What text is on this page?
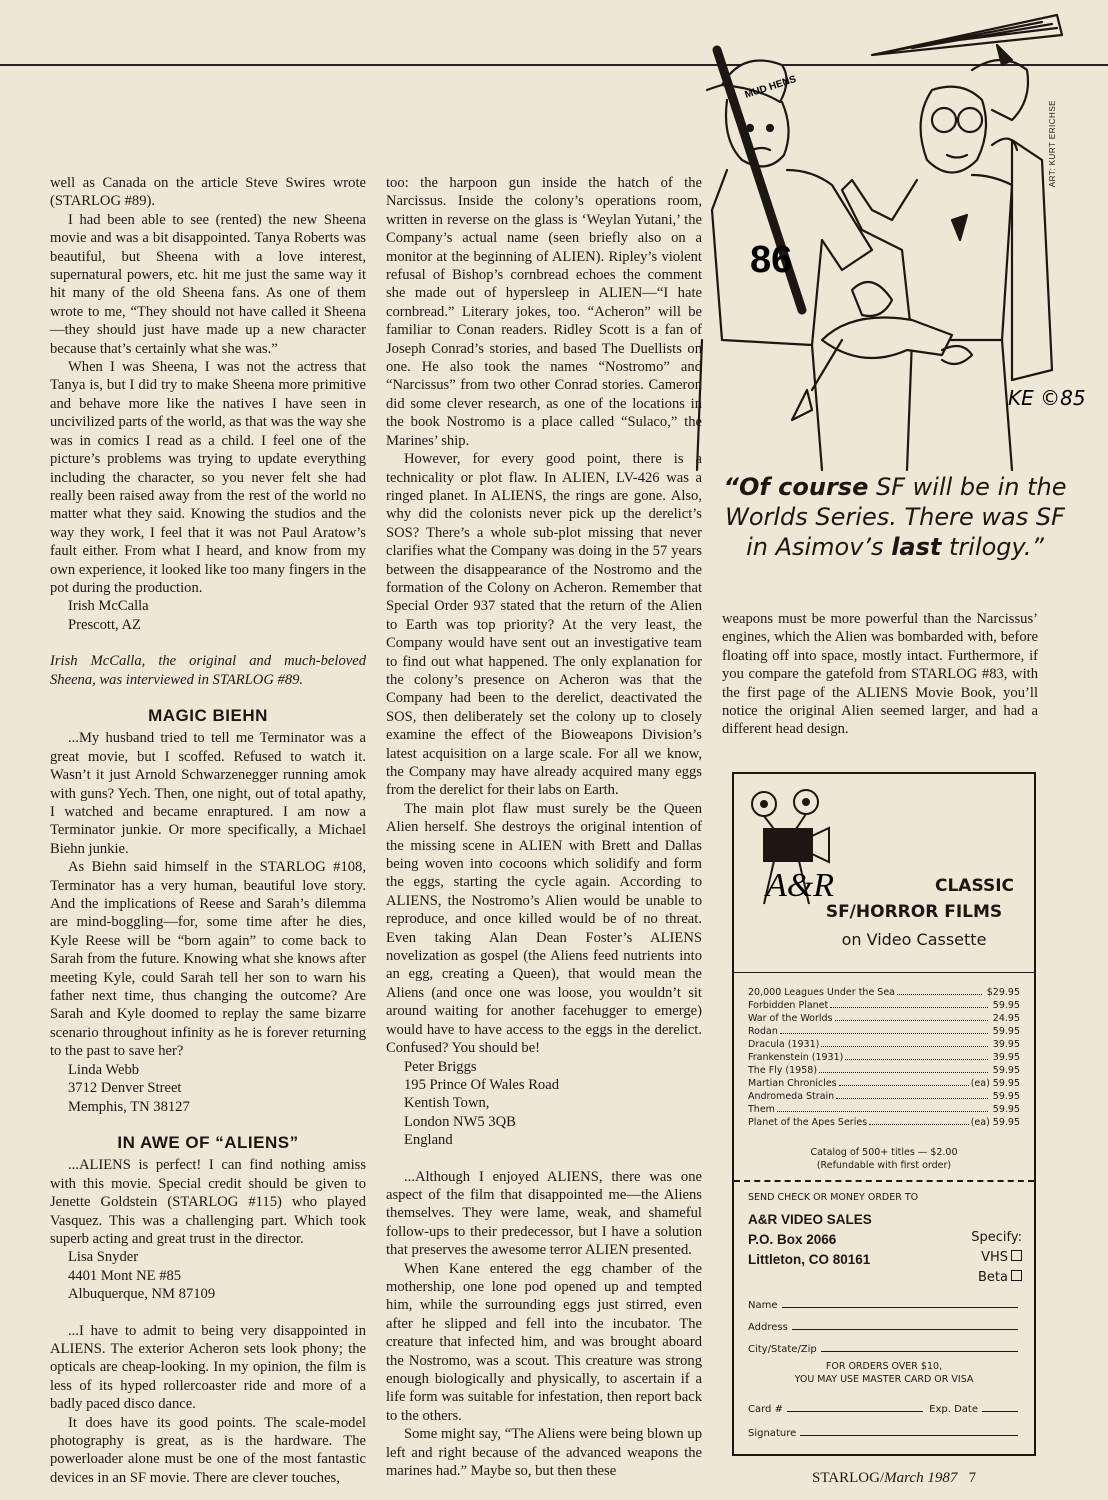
well as Canada on the article Steve Swires wrote (STARLOG #89).

I had been able to see (rented) the new Sheena movie and was a bit disappointed. Tanya Roberts was beautiful, but Sheena with a love interest, supernatural powers, etc. hit me just the same way it hit many of the old Sheena fans. As one of them wrote to me, “They should not have called it Sheena—they should just have made up a new character because that’s certainly what she was.”

When I was Sheena, I was not the actress that Tanya is, but I did try to make Sheena more primitive and behave more like the natives I have seen in uncivilized parts of the world, as that was the way she was in comics I read as a child. I feel one of the picture’s problems was trying to update everything including the character, so you never felt she had really been raised away from the rest of the world no matter what they said. Knowing the studios and the way they work, I feel that it was not Paul Aratow’s fault either. From what I heard, and know from my own experience, it looked like too many fingers in the pot during the production.

Irish McCalla
Prescott, AZ
Irish McCalla, the original and much-beloved Sheena, was interviewed in STARLOG #89.
MAGIC BIEHN

...My husband tried to tell me Terminator was a great movie, but I scoffed. Refused to watch it. Wasn’t it just Arnold Schwarzenegger running amok with guns? Yech. Then, one night, out of total apathy, I watched and became enraptured. I am now a Terminator junkie. Or more specifically, a Michael Biehn junkie.

As Biehn said himself in the STARLOG #108, Terminator has a very human, beautiful love story. And the implications of Reese and Sarah’s dilemma are mind-boggling—for, some time after he dies, Kyle Reese will be “born again” to come back to Sarah from the future. Knowing what she knows after meeting Kyle, could Sarah tell her son to warn his father next time, thus changing the outcome? Are Sarah and Kyle doomed to replay the same bizarre scenario throughout infinity as he is forever returning to the past to save her?

Linda Webb
3712 Denver Street
Memphis, TN 38127
IN AWE OF “ALIENS”

...ALIENS is perfect! I can find nothing amiss with this movie. Special credit should be given to Jenette Goldstein (STARLOG #115) who played Vasquez. This was a challenging part. Which took superb acting and great trust in the director.

Lisa Snyder
4401 Mont NE #85
Albuquerque, NM 87109

...I have to admit to being very disappointed in ALIENS. The exterior Acheron sets look phony; the opticals are cheap-looking. In my opinion, the film is less of its hyped rollercoaster ride and more of a badly paced disco dance.

It does have its good points. The scale-model photography is great, as is the hardware. The powerloader alone must be one of the most fantastic devices in an SF movie. There are clever touches,

too: the harpoon gun inside the hatch of the Narcissus. Inside the colony’s operations room, written in reverse on the glass is ‘Weylan Yutani,’ the Company’s actual name (seen briefly also on a monitor at the beginning of ALIEN). Ripley’s violent refusal of Bishop’s cornbread echoes the comment she made out of hypersleep in ALIEN—“I hate cornbread.” Literary jokes, too. “Acheron” will be familiar to Conan readers. Ridley Scott is a fan of Joseph Conrad’s stories, and based The Duellists on one. He also took the names “Nostromo” and “Narcissus” from two other Conrad stories. Cameron did some clever research, as one of the locations in the book Nostromo is a place called “Sulaco,” the Marines’ ship.

However, for every good point, there is a technicality or plot flaw. In ALIEN, LV-426 was a ringed planet. In ALIENS, the rings are gone. Also, why did the colonists never pick up the derelict’s SOS? There’s a whole sub-plot missing that never clarifies what the Company was doing in the 57 years between the disappearance of the Nostromo and the formation of the Colony on Acheron. Remember that Special Order 937 stated that the return of the Alien to Earth was top priority? At the very least, the Company would have sent out an investigative team to find out what happened. The only explanation for the colony’s presence on Acheron was that the Company had been to the derelict, deactivated the SOS, then deliberately set the colony up to closely examine the effect of the Bioweapons Division’s latest acquisition on a large scale. For all we know, the Company may have already acquired many eggs from the derelict for their labs on Earth.

The main plot flaw must surely be the Queen Alien herself. She destroys the original intention of the missing scene in ALIEN with Brett and Dallas being woven into cocoons which solidify and form the eggs, starting the cycle again. According to ALIENS, the Nostromo’s Alien would be unable to reproduce, and once killed would be of no threat. Even taking Alan Dean Foster’s ALIENS novelization as gospel (the Aliens feed nutrients into an egg, creating a Queen), that would mean the Aliens (and once one was loose, you wouldn’t sit around waiting for another facehugger to emerge) would have to have access to the eggs in the derelict. Confused? You should be!

Peter Briggs
195 Prince Of Wales Road
Kentish Town,
London NW5 3QB
England

...Although I enjoyed ALIENS, there was one aspect of the film that disappointed me—the Aliens themselves. They were lame, weak, and shameful follow-ups to their predecessor, but I have a solution that preserves the awesome terror ALIEN presented.

When Kane entered the egg chamber of the mothership, one lone pod opened up and tempted him, while the surrounding eggs just stirred, even after he slipped and fell into the incubator. The creature that infected him, and was brought aboard the Nostromo, was a scout. This creature was strong enough biologically and physically, to ascertain if a life form was suitable for infestation, then report back to the others.

Some might say, “The Aliens were being blown up left and right because of the advanced weapons the marines had.” Maybe so, but then these

MUD HENS
86
KE ©85
ART: KURT ERICHSE
“Of course SF will be in the Worlds Series. There was SF in Asimov’s last trilogy.”

weapons must be more powerful than the Narcissus’ engines, which the Alien was bombarded with, before floating off into space, mostly intact. Furthermore, if you compare the gatefold from STARLOG #83, with the first page of the ALIENS Movie Book, you’ll notice the original Alien seemed larger, and had a different head design.

A&R	CLASSIC
SF/HORROR FILMS
on Video Cassette
20,000 Leagues Under the Sea	$29.95
Forbidden Planet	59.95
War of the Worlds	24.95
Rodan	59.95
Dracula (1931)	39.95
Frankenstein (1931)	39.95
The Fly (1958)	59.95
Martian Chronicles	(ea) 59.95
Andromeda Strain	59.95
Them	59.95
Planet of the Apes Series	(ea) 59.95
Catalog of 500+ titles — $2.00
(Refundable with first order)
SEND CHECK OR MONEY ORDER TO
A&R VIDEO SALES
P.O. Box 2066
Littleton, CO 80161
Specify:
VHS
Beta
Name
Address
City/State/Zip
FOR ORDERS OVER $10,
YOU MAY USE MASTER CARD OR VISA
Card #	Exp. Date
Signature
STARLOG/March 1987 7
